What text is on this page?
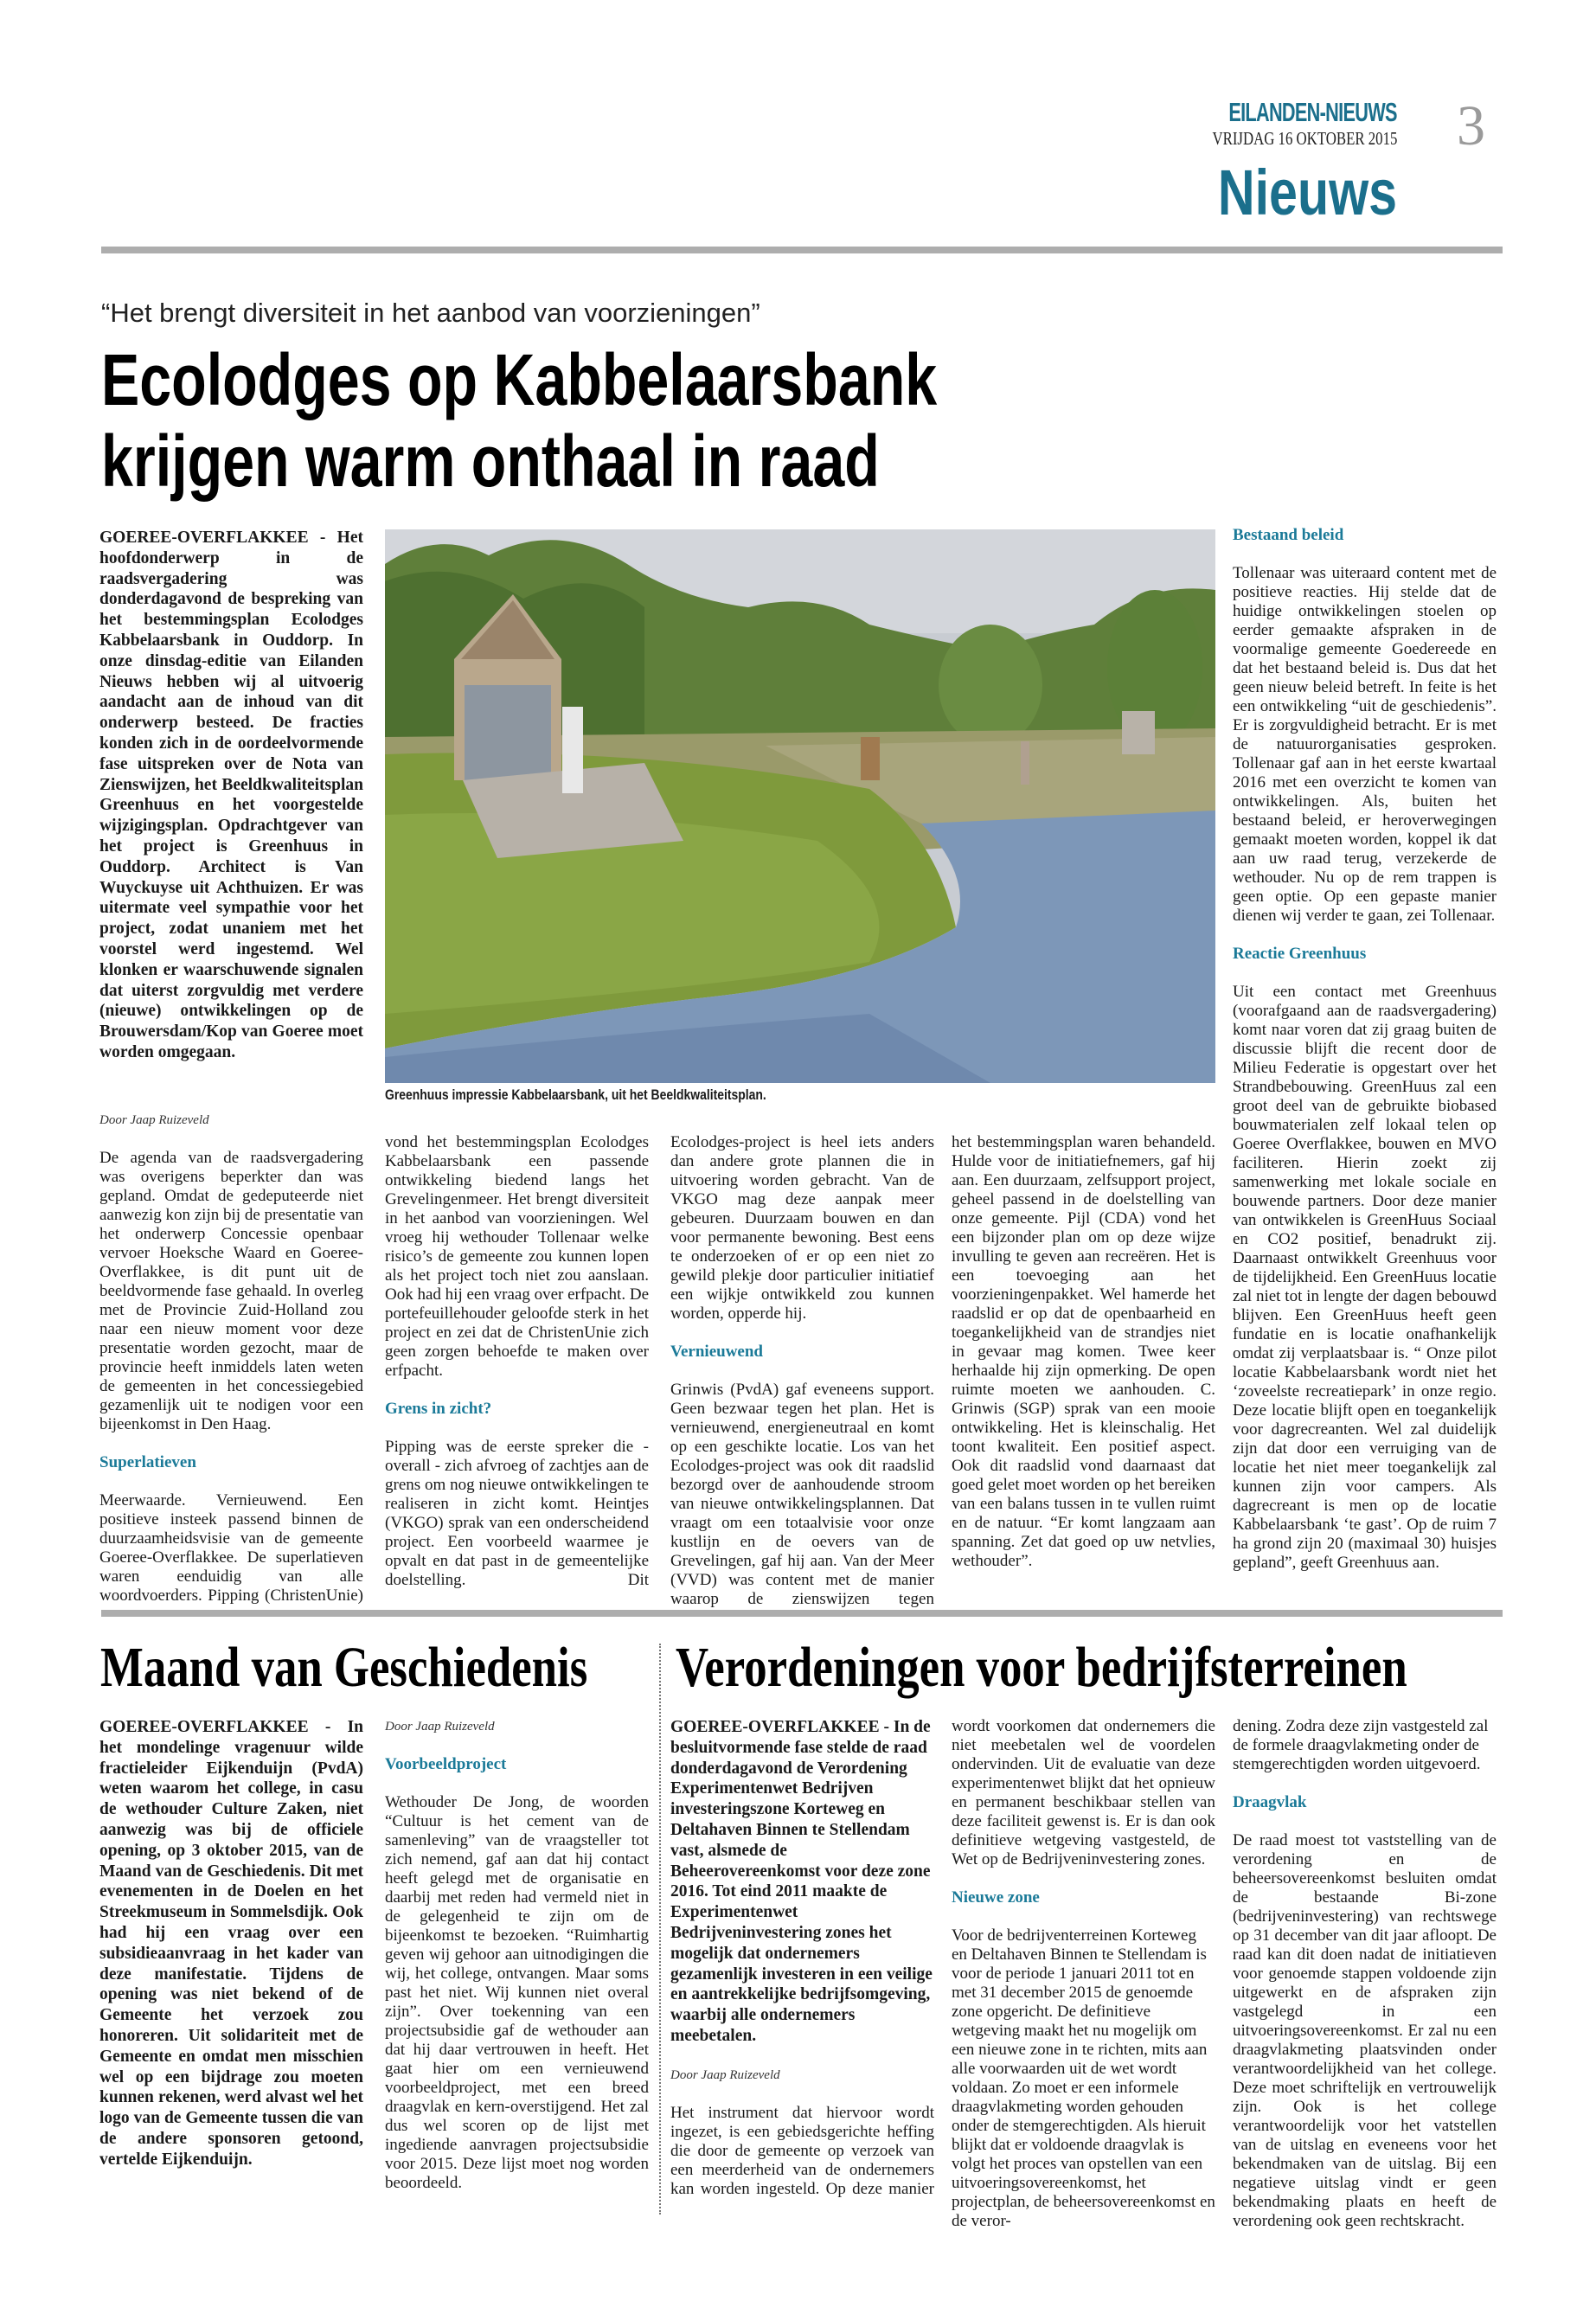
EILANDEN-NIEUWS
VRIJDAG 16 OKTOBER 2015 3
Nieuws
“Het brengt diversiteit in het aanbod van voorzieningen”
Ecolodges op Kabbelaarsbank
krijgen warm onthaal in raad
GOEREE-OVERFLAKKEE - Het hoofdonderwerp in de raadsvergadering was donderdagavond de bespreking van het bestemmingsplan Ecolodges Kabbelaarsbank in Ouddorp. In onze dinsdag-editie van Eilanden Nieuws hebben wij al uitvoerig aandacht aan de inhoud van dit onderwerp besteed. De fracties konden zich in de oordeelvormende fase uitspreken over de Nota van Zienswijzen, het Beeldkwaliteitsplan Greenhuus en het voorgestelde wijzigingsplan. Opdrachtgever van het project is Greenhuus in Ouddorp. Architect is Van Wuyckuyse uit Achthuizen. Er was uitermate veel sympathie voor het project, zodat unaniem met het voorstel werd ingestemd. Wel klonken er waarschuwende signalen dat uiterst zorgvuldig met verdere (nieuwe) ontwikkelingen op de Brouwersdam/Kop van Goeree moet worden omgegaan.
Greenhuus impressie Kabbelaarsbank, uit het Beeldkwaliteitsplan.

Door Jaap Ruizeveld

De agenda van de raadsvergadering was overigens beperkter dan was gepland. Omdat de gedeputeerde niet aanwezig kon zijn bij de presentatie van het onderwerp Concessie openbaar vervoer Hoeksche Waard en Goeree-Overflakkee, is dit punt uit de beeldvormende fase gehaald. In overleg met de Provincie Zuid-Holland zou naar een nieuw moment voor deze presentatie worden gezocht, maar de provincie heeft inmiddels laten weten de gemeenten in het concessiegebied gezamenlijk uit te nodigen voor een bijeenkomst in Den Haag.

Superlatieven

Meerwaarde. Vernieuwend. Een positieve insteek passend binnen de duurzaamheidsvisie van de gemeente Goeree-Overflakkee. De superlatieven waren eenduidig van alle woordvoerders. Pipping (ChristenUnie)

vond het bestemmingsplan Ecolodges Kabbelaarsbank een passende ontwikkeling biedend langs het Grevelingenmeer. Het brengt diversiteit in het aanbod van voorzieningen. Wel vroeg hij wethouder Tollenaar welke risico’s de gemeente zou kunnen lopen als het project toch niet zou aanslaan. Ook had hij een vraag over erfpacht. De portefeuillehouder geloofde sterk in het project en zei dat de ChristenUnie zich geen zorgen behoefde te maken over erfpacht.

Grens in zicht?

Pipping was de eerste spreker die - overall - zich afvroeg of zachtjes aan de grens om nog nieuwe ontwikkelingen te realiseren in zicht komt. Heintjes (VKGO) sprak van een onderscheidend project. Een voorbeeld waarmee je opvalt en dat past in de gemeentelijke doelstelling. Dit

Ecolodges-project is heel iets anders dan andere grote plannen die in uitvoering worden gebracht. Van de VKGO mag deze aanpak meer gebeuren. Duurzaam bouwen en dan voor permanente bewoning. Best eens te onderzoeken of er op een niet zo gewild plekje door particulier initiatief een wijkje ontwikkeld zou kunnen worden, opperde hij.

Vernieuwend

Grinwis (PvdA) gaf eveneens support. Geen bezwaar tegen het plan. Het is vernieuwend, energieneutraal en komt op een geschikte locatie. Los van het Ecolodges-project was ook dit raadslid bezorgd over de aanhoudende stroom van nieuwe ontwikkelingsplannen. Dat vraagt om een totaalvisie voor onze kustlijn en de oevers van de Grevelingen, gaf hij aan. Van der Meer (VVD) was content met de manier waarop de zienswijzen tegen

het bestemmingsplan waren behandeld. Hulde voor de initiatiefnemers, gaf hij aan. Een duurzaam, zelfsupport project, geheel passend in de doelstelling van onze gemeente. Pijl (CDA) vond het een bijzonder plan om op deze wijze invulling te geven aan recreëren. Het is een toevoeging aan het voorzieningenpakket. Wel hamerde het raadslid er op dat de openbaarheid en toegankelijkheid van de strandjes niet in gevaar mag komen. Twee keer herhaalde hij zijn opmerking. De open ruimte moeten we aanhouden. C. Grinwis (SGP) sprak van een mooie ontwikkeling. Het is kleinschalig. Het toont kwaliteit. Een positief aspect. Ook dit raadslid vond daarnaast dat goed gelet moet worden op het bereiken van een balans tussen in te vullen ruimt en de natuur. “Er komt langzaam aan spanning. Zet dat goed op uw netvlies, wethouder”.

Bestaand beleid

Tollenaar was uiteraard content met de positieve reacties. Hij stelde dat de huidige ontwikkelingen stoelen op eerder gemaakte afspraken in de voormalige gemeente Goedereede en dat het bestaand beleid is. Dus dat het geen nieuw beleid betreft. In feite is het een ontwikkeling “uit de geschiedenis”. Er is zorgvuldigheid betracht. Er is met de natuurorganisaties gesproken. Tollenaar gaf aan in het eerste kwartaal 2016 met een overzicht te komen van ontwikkelingen. Als, buiten het bestaand beleid, er heroverwegingen gemaakt moeten worden, koppel ik dat aan uw raad terug, verzekerde de wethouder. Nu op de rem trappen is geen optie. Op een gepaste manier dienen wij verder te gaan, zei Tollenaar.

Reactie Greenhuus

Uit een contact met Greenhuus (voorafgaand aan de raadsvergadering) komt naar voren dat zij graag buiten de discussie blijft die recent door de Milieu Federatie is opgestart over het Strandbebouwing. GreenHuus zal een groot deel van de gebruikte biobased bouwmaterialen zelf lokaal telen op Goeree Overflakkee, bouwen en MVO faciliteren. Hierin zoekt zij samenwerking met lokale sociale en bouwende partners. Door deze manier van ontwikkelen is GreenHuus Sociaal en CO2 positief, benadrukt zij. Daarnaast ontwikkelt Greenhuus voor de tijdelijkheid. Een GreenHuus locatie zal niet tot in lengte der dagen bebouwd blijven. Een GreenHuus heeft geen fundatie en is locatie onafhankelijk omdat zij verplaatsbaar is. “ Onze pilot locatie Kabbelaarsbank wordt niet het ‘zoveelste recreatiepark’ in onze regio. Deze locatie blijft open en toegankelijk voor dagrecreanten. Wel zal duidelijk zijn dat door een verruiging van de locatie het niet meer toegankelijk zal kunnen zijn voor campers. Als dagrecreant is men op de locatie Kabbelaarsbank ‘te gast’. Op de ruim 7 ha grond zijn 20 (maximaal 30) huisjes gepland”, geeft Greenhuus aan.

Maand van Geschiedenis
GOEREE-OVERFLAKKEE - In het mondelinge vragenuur wilde fractieleider Eijkenduijn (PvdA) weten waarom het college, in casu de wethouder Culture Zaken, niet aanwezig was bij de officiele opening, op 3 oktober 2015, van de Maand van de Geschiedenis. Dit met evenementen in de Doelen en het Streekmuseum in Sommelsdijk. Ook had hij een vraag over een subsidieaanvraag in het kader van deze manifestatie. Tijdens de opening was niet bekend of de Gemeente het verzoek zou honoreren. Uit solidariteit met de Gemeente en omdat men misschien wel op een bijdrage zou moeten kunnen rekenen, werd alvast wel het logo van de Gemeente tussen die van de andere sponsoren getoond, vertelde Eijkenduijn.

Door Jaap Ruizeveld

Voorbeeldproject

Wethouder De Jong, de woorden “Cultuur is het cement van de samenleving” van de vraagsteller tot zich nemend, gaf aan dat hij contact heeft gelegd met de organisatie en daarbij met reden had vermeld niet in de gelegenheid te zijn om de bijeenkomst te bezoeken. “Ruimhartig geven wij gehoor aan uitnodigingen die wij, het college, ontvangen. Maar soms past het niet. Wij kunnen niet overal zijn”. Over toekenning van een projectsubsidie gaf de wethouder aan dat hij daar vertrouwen in heeft. Het gaat hier om een vernieuwend voorbeeldproject, met een breed draagvlak en kern-overstijgend. Het zal dus wel scoren op de lijst met ingediende aanvragen projectsubsidie voor 2015. Deze lijst moet nog worden beoordeeld.

Verordeningen voor bedrijfsterreinen

GOEREE-OVERFLAKKEE - In de besluitvormende fase stelde de raad donderdagavond de Verordening Experimentenwet Bedrijven investeringszone Korteweg en Deltahaven Binnen te Stellendam vast, alsmede de Beheerovereenkomst voor deze zone 2016. Tot eind 2011 maakte de Experimentenwet Bedrijveninvestering zones het mogelijk dat ondernemers gezamenlijk investeren in een veilige en aantrekkelijke bedrijfsomgeving, waarbij alle ondernemers meebetalen.

Door Jaap Ruizeveld

Het instrument dat hiervoor wordt ingezet, is een gebiedsgerichte heffing die door de gemeente op verzoek van een meerderheid van de ondernemers kan worden ingesteld. Op deze manier

wordt voorkomen dat ondernemers die niet meebetalen wel de voordelen ondervinden. Uit de evaluatie van deze experimentenwet blijkt dat het opnieuw en permanent beschikbaar stellen van deze faciliteit gewenst is. Er is dan ook definitieve wetgeving vastgesteld, de Wet op de Bedrijveninvestering zones.

Nieuwe zone

Voor de bedrijventerreinen Korteweg en Deltahaven Binnen te Stellendam is voor de periode 1 januari 2011 tot en met 31 december 2015 de genoemde zone opgericht. De definitieve wetgeving maakt het nu mogelijk om een nieuwe zone in te richten, mits aan alle voorwaarden uit de wet wordt voldaan. Zo moet er een informele draagvlakmeting worden gehouden onder de stemgerechtigden. Als hieruit blijkt dat er voldoende draagvlak is volgt het proces van opstellen van een uitvoeringsovereenkomst, het projectplan, de beheersovereenkomst en de veror-

dening. Zodra deze zijn vastgesteld zal de formele draagvlakmeting onder de stemgerechtigden worden uitgevoerd.

Draagvlak

De raad moest tot vaststelling van de verordening en de beheersovereenkomst besluiten omdat de bestaande Bi-zone (bedrijveninvestering) van rechtswege op 31 december van dit jaar afloopt. De raad kan dit doen nadat de initiatieven voor genoemde stappen voldoende zijn uitgewerkt en de afspraken zijn vastgelegd in een uitvoeringsovereenkomst. Er zal nu een draagvlakmeting plaatsvinden onder verantwoordelijkheid van het college. Deze moet schriftelijk en vertrouwelijk zijn. Ook is het college verantwoordelijk voor het vatstellen van de uitslag en eveneens voor het bekendmaken van de uitslag. Bij een negatieve uitslag vindt er geen bekendmaking plaats en heeft de verordening ook geen rechtskracht.
